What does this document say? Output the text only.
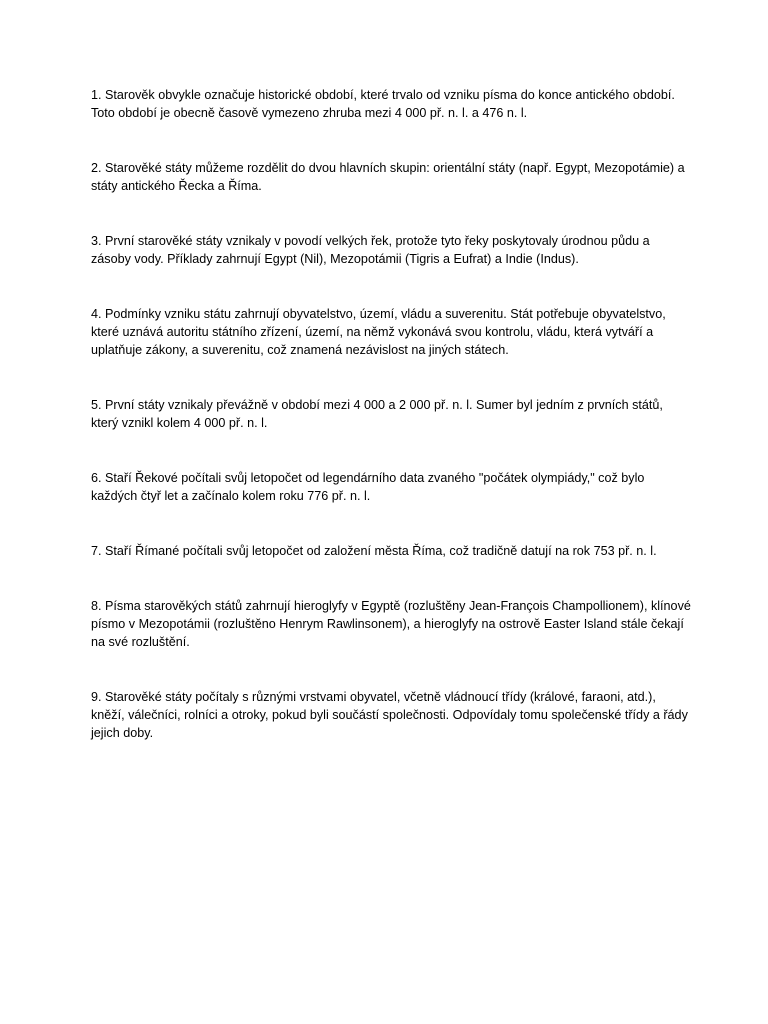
1. Starověk obvykle označuje historické období, které trvalo od vzniku písma do konce antického období. Toto období je obecně časově vymezeno zhruba mezi 4 000 př. n. l. a 476 n. l.

2. Starověké státy můžeme rozdělit do dvou hlavních skupin: orientální státy (např. Egypt, Mezopotámie) a státy antického Řecka a Říma.

3. První starověké státy vznikaly v povodí velkých řek, protože tyto řeky poskytovaly úrodnou půdu a zásoby vody. Příklady zahrnují Egypt (Nil), Mezopotámii (Tigris a Eufrat) a Indie (Indus).

4. Podmínky vzniku státu zahrnují obyvatelstvo, území, vládu a suverenitu. Stát potřebuje obyvatelstvo, které uznává autoritu státního zřízení, území, na němž vykonává svou kontrolu, vládu, která vytváří a uplatňuje zákony, a suverenitu, což znamená nezávislost na jiných státech.

5. První státy vznikaly převážně v období mezi 4 000 a 2 000 př. n. l. Sumer byl jedním z prvních států, který vznikl kolem 4 000 př. n. l.

6. Staří Řekové počítali svůj letopočet od legendárního data zvaného "počátek olympiády," což bylo každých čtyř let a začínalo kolem roku 776 př. n. l.

7. Staří Římané počítali svůj letopočet od založení města Říma, což tradičně datují na rok 753 př. n. l.

8. Písma starověkých států zahrnují hieroglyfy v Egyptě (rozluštěny Jean-François Champollionem), klínové písmo v Mezopotámii (rozluštěno Henrym Rawlinsonem), a hieroglyfy na ostrově Easter Island stále čekají na své rozluštění.

9. Starověké státy počítaly s různými vrstvami obyvatel, včetně vládnoucí třídy (králové, faraoni, atd.), kněží, válečníci, rolníci a otroky, pokud byli součástí společnosti. Odpovídaly tomu společenské třídy a řády jejich doby.
